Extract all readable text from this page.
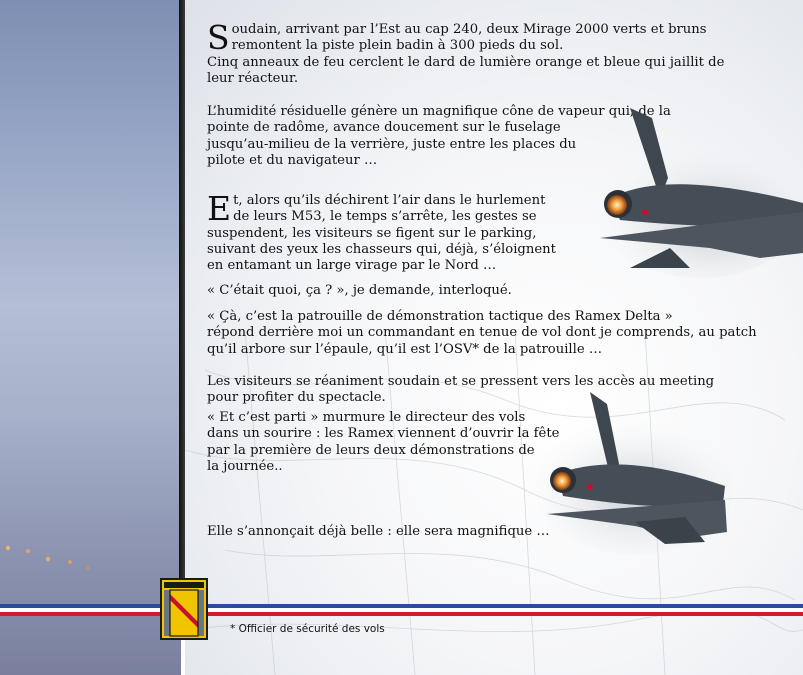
S oudain, arrivant par l’Est au cap 240, deux Mirage 2000 verts et bruns
remontent la piste plein badin à 300 pieds du sol.
Cinq anneaux de feu cerclent le dard de lumière orange et bleue qui jaillit de
leur réacteur.
L’humidité résiduelle génère un magnifique cône de vapeur qui, de la
pointe de radôme, avance doucement sur le fuselage
jusqu’au-milieu de la verrière, juste entre les places du
pilote et du navigateur …
E t, alors qu’ils déchirent l’air dans le hurlement
de leurs M53, le temps s’arrête, les gestes se
suspendent, les visiteurs se figent sur le parking,
suivant des yeux les chasseurs qui, déjà, s’éloignent
en entamant un large virage par le Nord …
« C’était quoi, ça ? », je demande, interloqué.
« Çà, c’est la patrouille de démonstration tactique des Ramex Delta »
répond derrière moi un commandant en tenue de vol dont je comprends, au patch
qu’il arbore sur l’épaule, qu’il est l’OSV* de la patrouille …
Les visiteurs se réaniment soudain et se pressent vers les accès au meeting
pour profiter du spectacle.
« Et c’est parti » murmure le directeur des vols
dans un sourire : les Ramex viennent d’ouvrir la fête
par la première de leurs deux démonstrations de
la journée..
Elle s’annonçait déjà belle : elle sera magnifique …
* Officier de sécurité des vols
